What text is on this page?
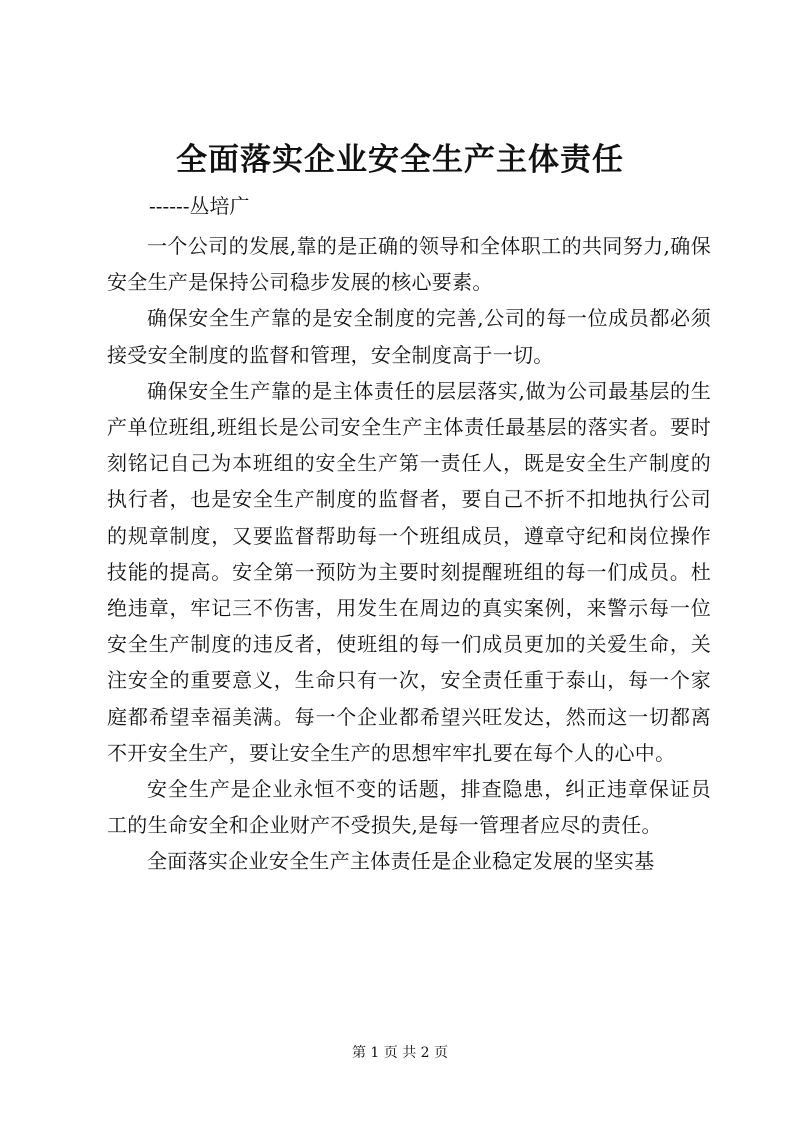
全面落实企业安全生产主体责任
------丛培广

一个公司的发展,靠的是正确的领导和全体职工的共同努力,确保安全生产是保持公司稳步发展的核心要素。

确保安全生产靠的是安全制度的完善,公司的每一位成员都必须接受安全制度的监督和管理，安全制度高于一切。

确保安全生产靠的是主体责任的层层落实,做为公司最基层的生产单位班组,班组长是公司安全生产主体责任最基层的落实者。要时刻铭记自己为本班组的安全生产第一责任人，既是安全生产制度的执行者，也是安全生产制度的监督者，要自己不折不扣地执行公司的规章制度，又要监督帮助每一个班组成员，遵章守纪和岗位操作技能的提高。安全第一预防为主要时刻提醒班组的每一们成员。杜绝违章，牢记三不伤害，用发生在周边的真实案例，来警示每一位安全生产制度的违反者，使班组的每一们成员更加的关爱生命，关注安全的重要意义，生命只有一次，安全责任重于泰山，每一个家庭都希望幸福美满。每一个企业都希望兴旺发达，然而这一切都离不开安全生产，要让安全生产的思想牢牢扎要在每个人的心中。

安全生产是企业永恒不变的话题，排查隐患，纠正违章保证员工的生命安全和企业财产不受损失,是每一管理者应尽的责任。

全面落实企业安全生产主体责任是企业稳定发展的坚实基

第 1 页 共 2 页
